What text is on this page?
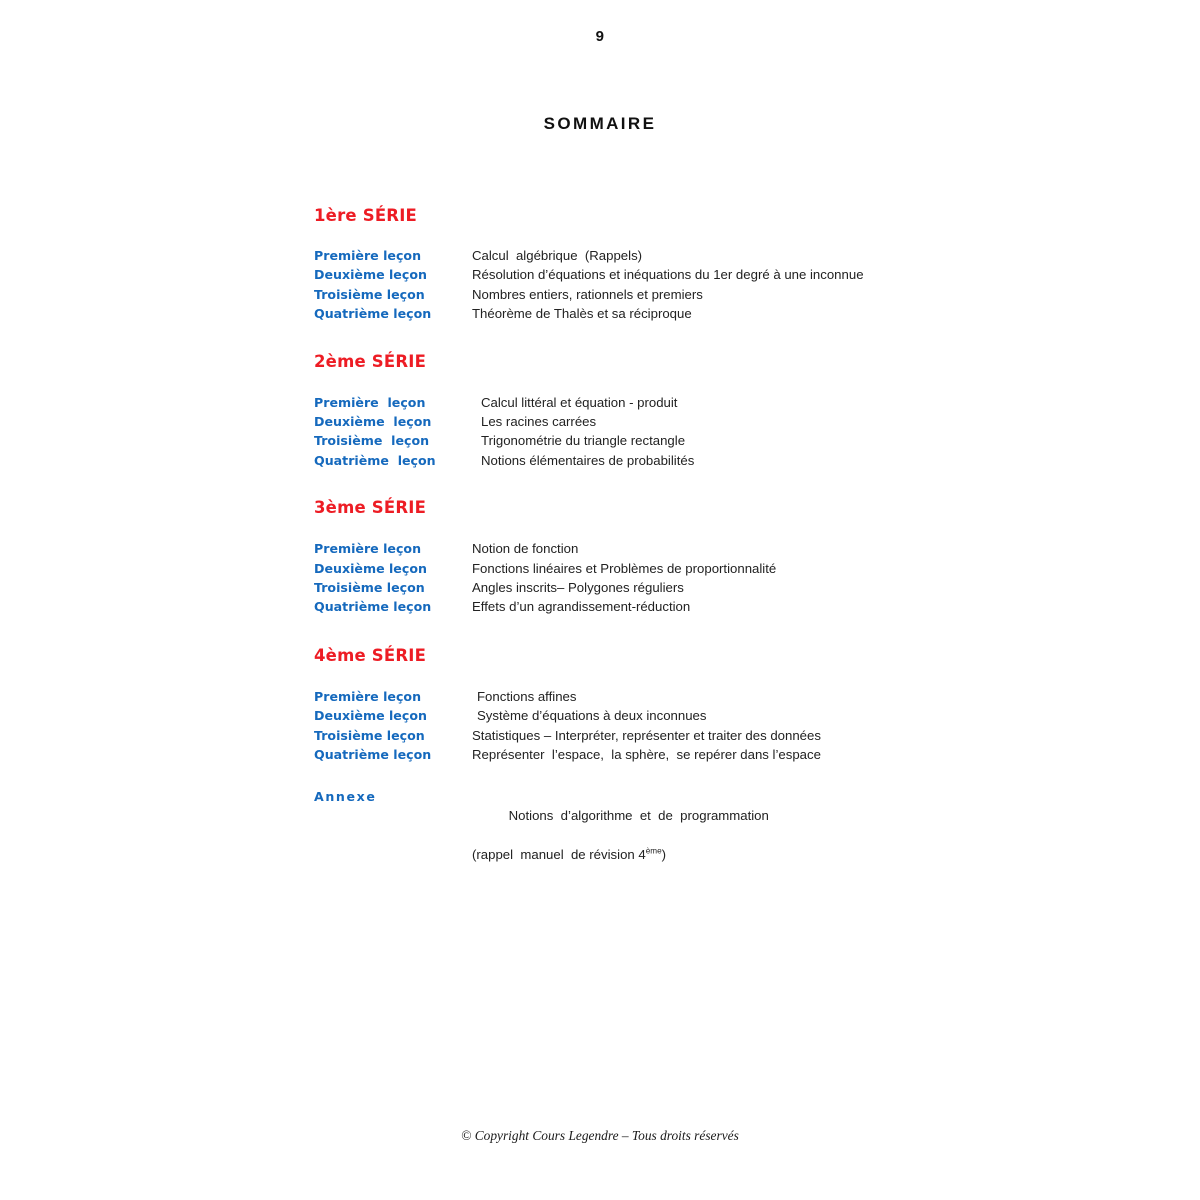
9
SOMMAIRE
1ère SÉRIE
Première leçon	Calcul  algébrique  (Rappels)
Deuxième leçon	Résolution d’équations et inéquations du 1er degré à une inconnue
Troisième leçon	Nombres entiers, rationnels et premiers
Quatrième leçon	Théorème de Thalès et sa réciproque
2ème SÉRIE
Première  leçon	Calcul littéral et équation - produit
Deuxième  leçon	Les racines carrées
Troisième  leçon	Trigonométrie du triangle rectangle
Quatrième  leçon	Notions élémentaires de probabilités
3ème SÉRIE
Première leçon	Notion de fonction
Deuxième leçon	Fonctions linéaires et Problèmes de proportionnalité
Troisième leçon	Angles inscrits– Polygones réguliers
Quatrième leçon	Effets d’un agrandissement-réduction
4ème SÉRIE
Première leçon	Fonctions affines
Deuxième leçon	Système d’équations à deux inconnues
Troisième leçon	Statistiques – Interpréter, représenter et traiter des données
Quatrième leçon	Représenter  l’espace,  la sphère,  se repérer dans l’espace
Annexe

Notions  d’algorithme  et  de  programmation

(rappel  manuel  de révision 4ème)

© Copyright Cours Legendre – Tous droits réservés
